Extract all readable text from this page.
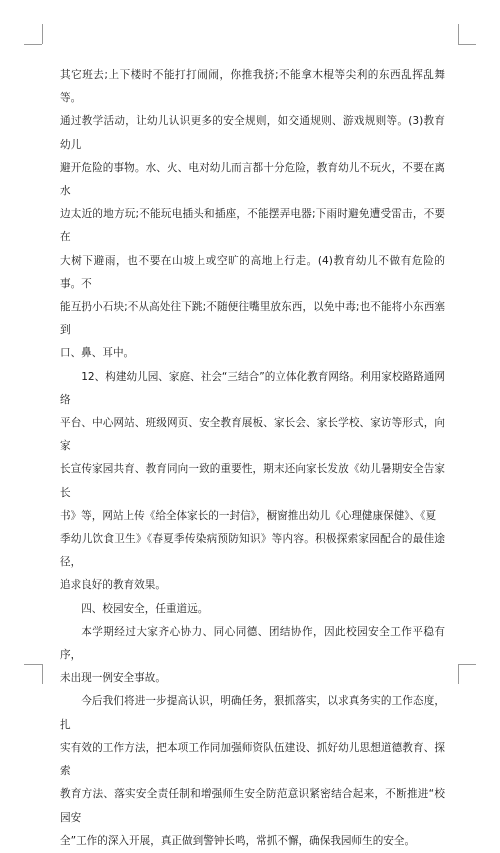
其它班去;上下楼时不能打打闹闹，你推我挤;不能拿木棍等尖利的东西乱挥乱舞等。
通过教学活动，让幼儿认识更多的安全规则，如交通规则、游戏规则等。(3)教育幼儿
避开危险的事物。水、火、电对幼儿而言都十分危险，教育幼儿不玩火，不要在离水
边太近的地方玩;不能玩电插头和插座，不能摆弄电器;下雨时避免遭受雷击，不要在
大树下避雨，也不要在山坡上或空旷的高地上行走。(4)教育幼儿不做有危险的事。不
能互扔小石块;不从高处往下跳;不随便往嘴里放东西，以免中毒;也不能将小东西塞到
口、鼻、耳中。
12、构建幼儿园、家庭、社会“三结合”的立体化教育网络。利用家校路路通网络
平台、中心网站、班级网页、安全教育展板、家长会、家长学校、家访等形式，向家
长宣传家园共育、教育同向一致的重要性，期末还向家长发放《幼儿暑期安全告家长
书》等，网站上传《给全体家长的一封信》，橱窗推出幼儿《心理健康保健》、《夏
季幼儿饮食卫生》《春夏季传染病预防知识》等内容。积极探索家园配合的最佳途径，
追求良好的教育效果。
四、校园安全，任重道远。
本学期经过大家齐心协力、同心同德、团结协作，因此校园安全工作平稳有序，
未出现一例安全事故。
今后我们将进一步提高认识，明确任务，狠抓落实，以求真务实的工作态度，扎
实有效的工作方法，把本项工作同加强师资队伍建设、抓好幼儿思想道德教育、探索
教育方法、落实安全责任制和增强师生安全防范意识紧密结合起来，不断推进“校园安
全”工作的深入开展，真正做到警钟长鸣，常抓不懈，确保我园师生的安全。
